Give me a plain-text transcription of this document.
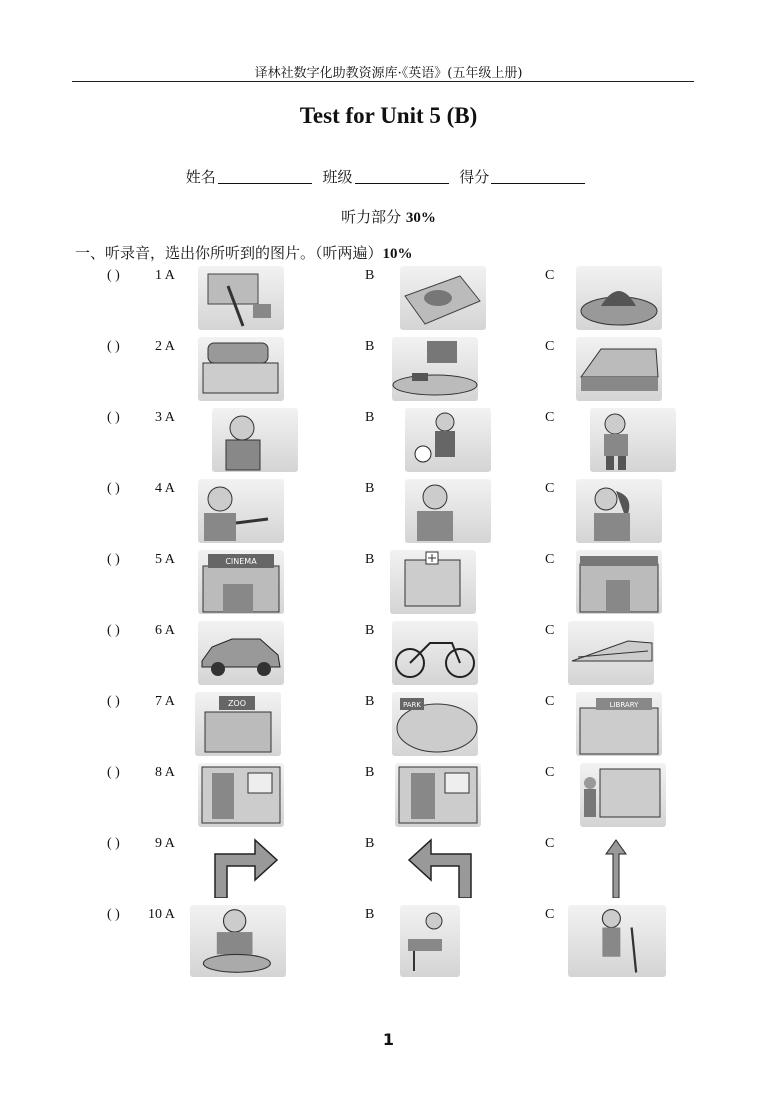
译林社数字化助教资源库·《英语》(五年级上册)
Test for Unit 5 (B)
姓名	班级	得分
听力部分 30%
一、听录音，选出你所听到的图片。（听两遍）10%
( )	1 A	B	C
( )	2 A	B	C
( )	3 A	B	C
( )	4 A	B	C
( )	5 A	CINEMA	B	C
( )	6 A	B	C
( )	7 A	ZOO	B	PARK	C	LIBRARY
( )	8 A	B	C
( )	9 A	B	C
( ) 10 A	B	C
1
